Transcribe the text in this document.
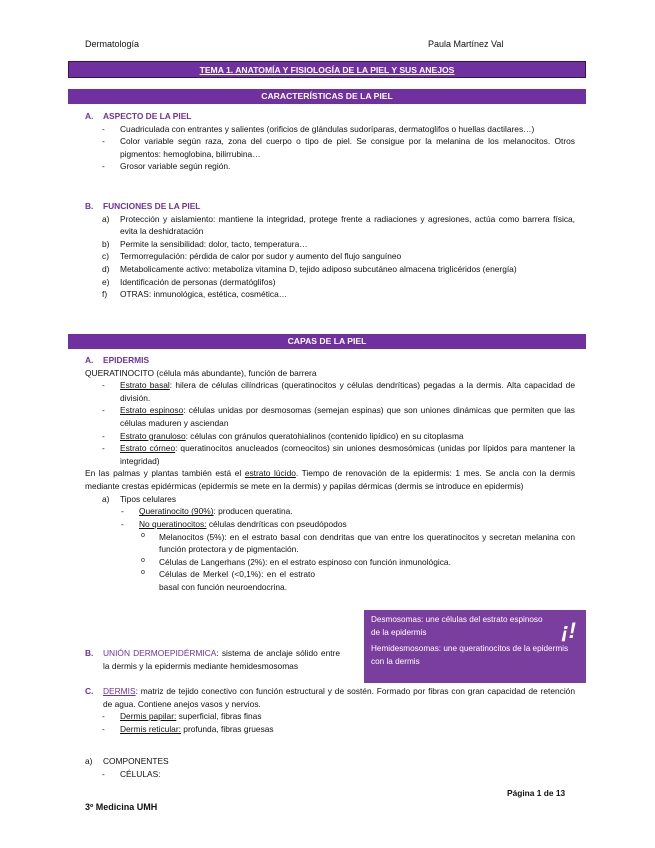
Dermatología	Paula Martínez Val
TEMA 1. ANATOMÍA Y FISIOLOGÍA DE LA PIEL Y SUS ANEJOS
CARACTERÍSTICAS DE LA PIEL
A. ASPECTO DE LA PIEL
-	Cuadriculada con entrantes y salientes (orificios de glándulas sudoríparas, dermatoglifos o huellas dactilares…)
-	Color variable según raza, zona del cuerpo o tipo de piel. Se consigue por la melanina de los melanocitos. Otros pigmentos: hemoglobina, bilirrubina…
-	Grosor variable según región.
B. FUNCIONES DE LA PIEL
a)	Protección y aislamiento: mantiene la integridad, protege frente a radiaciones y agresiones, actúa como barrera física, evita la deshidratación
b)	Permite la sensibilidad: dolor, tacto, temperatura…
c)	Termorregulación: pérdida de calor por sudor y aumento del flujo sanguíneo
d)	Metabolicamente activo: metaboliza vitamina D, tejido adiposo subcutáneo almacena triglicéridos (energía)
e)	Identificación de personas (dermatóglifos)
f)	OTRAS: inmunológica, estética, cosmética…
CAPAS DE LA PIEL
A. EPIDERMIS
QUERATINOCITO (célula más abundante), función de barrera
-	Estrato basal: hilera de células cilíndricas (queratinocitos y células dendríticas) pegadas a la dermis. Alta capacidad de división.
-	Estrato espinoso: células unidas por desmosomas (semejan espinas) que son uniones dinámicas que permiten que las células maduren y asciendan
-	Estrato granuloso: células con gránulos queratohialinos (contenido lipídico) en su citoplasma
-	Estrato córneo: queratinocitos anucleados (corneocitos) sin uniones desmosómicas (unidas por lípidos para mantener la integridad)
En las palmas y plantas también está el estrato lúcido. Tiempo de renovación de la epidermis: 1 mes. Se ancla con la dermis mediante crestas epidérmicas (epidermis se mete en la dermis) y papilas dérmicas (dermis se introduce en epidermis)
a)	Tipos celulares
-	Queratinocito (90%): producen queratina.
-	No queratinocitos: células dendríticas con pseudópodos
o	Melanocitos (5%): en el estrato basal con dendritas que van entre los queratinocitos y secretan melanina con función protectora y de pigmentación.
o	Células de Langerhans (2%): en el estrato espinoso con función inmunológica.
o	Células de Merkel (<0,1%): en el estrato basal con función neuroendocrina.
Desmosomas: une células del estrato espinoso de la epidermis
Hemidesmosomas: une queratinocitos de la epidermis con la dermis
¡!
B.	UNIÓN DERMOEPIDÉRMICA: sistema de anclaje sólido entre la dermis y la epidermis mediante hemidesmosomas
C.	DERMIS: matriz de tejido conectivo con función estructural y de sostén. Formado por fibras con gran capacidad de retención de agua. Contiene anejos vasos y nervios.
-	Dermis papilar: superficial, fibras finas
-	Dermis reticular: profunda, fibras gruesas
a)	COMPONENTES
-	CÉLULAS:
Página 1 de 13
3º Medicina UMH
